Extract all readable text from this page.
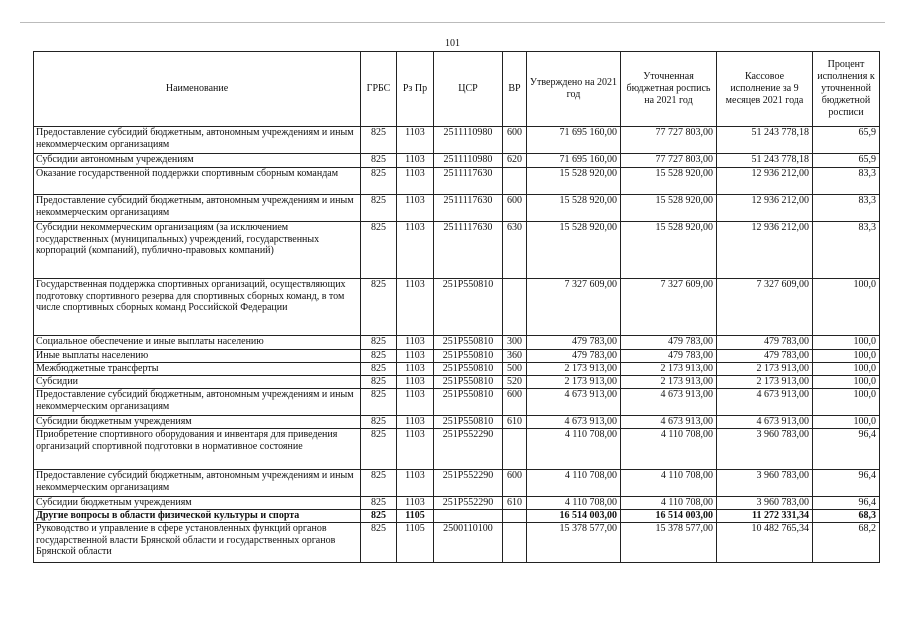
101
Наименование	ГРБС	Рз Пр	ЦСР	ВР	Утверждено на 2021 год	Уточненная бюджетная роспись на 2021 год	Кассовое исполнение за 9 месяцев 2021 года	Процент исполнения к уточненной бюджетной росписи
Предоставление субсидий бюджетным, автономным учреждениям и иным некоммерческим организациям	825	1103	2511110980	600	71 695 160,00	77 727 803,00	51 243 778,18	65,9
Субсидии автономным учреждениям	825	1103	2511110980	620	71 695 160,00	77 727 803,00	51 243 778,18	65,9
Оказание государственной поддержки спортивным сборным командам	825	1103	2511117630		15 528 920,00	15 528 920,00	12 936 212,00	83,3
Предоставление субсидий бюджетным, автономным учреждениям и иным некоммерческим организациям	825	1103	2511117630	600	15 528 920,00	15 528 920,00	12 936 212,00	83,3
Субсидии некоммерческим организациям (за исключением государственных (муниципальных) учреждений, государственных корпораций (компаний), публично-правовых компаний)	825	1103	2511117630	630	15 528 920,00	15 528 920,00	12 936 212,00	83,3
Государственная поддержка спортивных организаций, осуществляющих подготовку спортивного резерва для спортивных сборных команд, в том числе спортивных сборных команд Российской Федерации	825	1103	251P550810		7 327 609,00	7 327 609,00	7 327 609,00	100,0
Социальное обеспечение и иные выплаты населению	825	1103	251P550810	300	479 783,00	479 783,00	479 783,00	100,0
Иные выплаты населению	825	1103	251P550810	360	479 783,00	479 783,00	479 783,00	100,0
Межбюджетные трансферты	825	1103	251P550810	500	2 173 913,00	2 173 913,00	2 173 913,00	100,0
Субсидии	825	1103	251P550810	520	2 173 913,00	2 173 913,00	2 173 913,00	100,0
Предоставление субсидий бюджетным, автономным учреждениям и иным некоммерческим организациям	825	1103	251P550810	600	4 673 913,00	4 673 913,00	4 673 913,00	100,0
Субсидии бюджетным учреждениям	825	1103	251P550810	610	4 673 913,00	4 673 913,00	4 673 913,00	100,0
Приобретение спортивного оборудования и инвентаря для приведения организаций спортивной подготовки в нормативное состояние	825	1103	251P552290		4 110 708,00	4 110 708,00	3 960 783,00	96,4
Предоставление субсидий бюджетным, автономным учреждениям и иным некоммерческим организациям	825	1103	251P552290	600	4 110 708,00	4 110 708,00	3 960 783,00	96,4
Субсидии бюджетным учреждениям	825	1103	251P552290	610	4 110 708,00	4 110 708,00	3 960 783,00	96,4
Другие вопросы в области физической культуры и спорта	825	1105			16 514 003,00	16 514 003,00	11 272 331,34	68,3
Руководство и управление в сфере установленных функций органов государственной власти Брянской области и государственных органов Брянской области	825	1105	2500110100		15 378 577,00	15 378 577,00	10 482 765,34	68,2
